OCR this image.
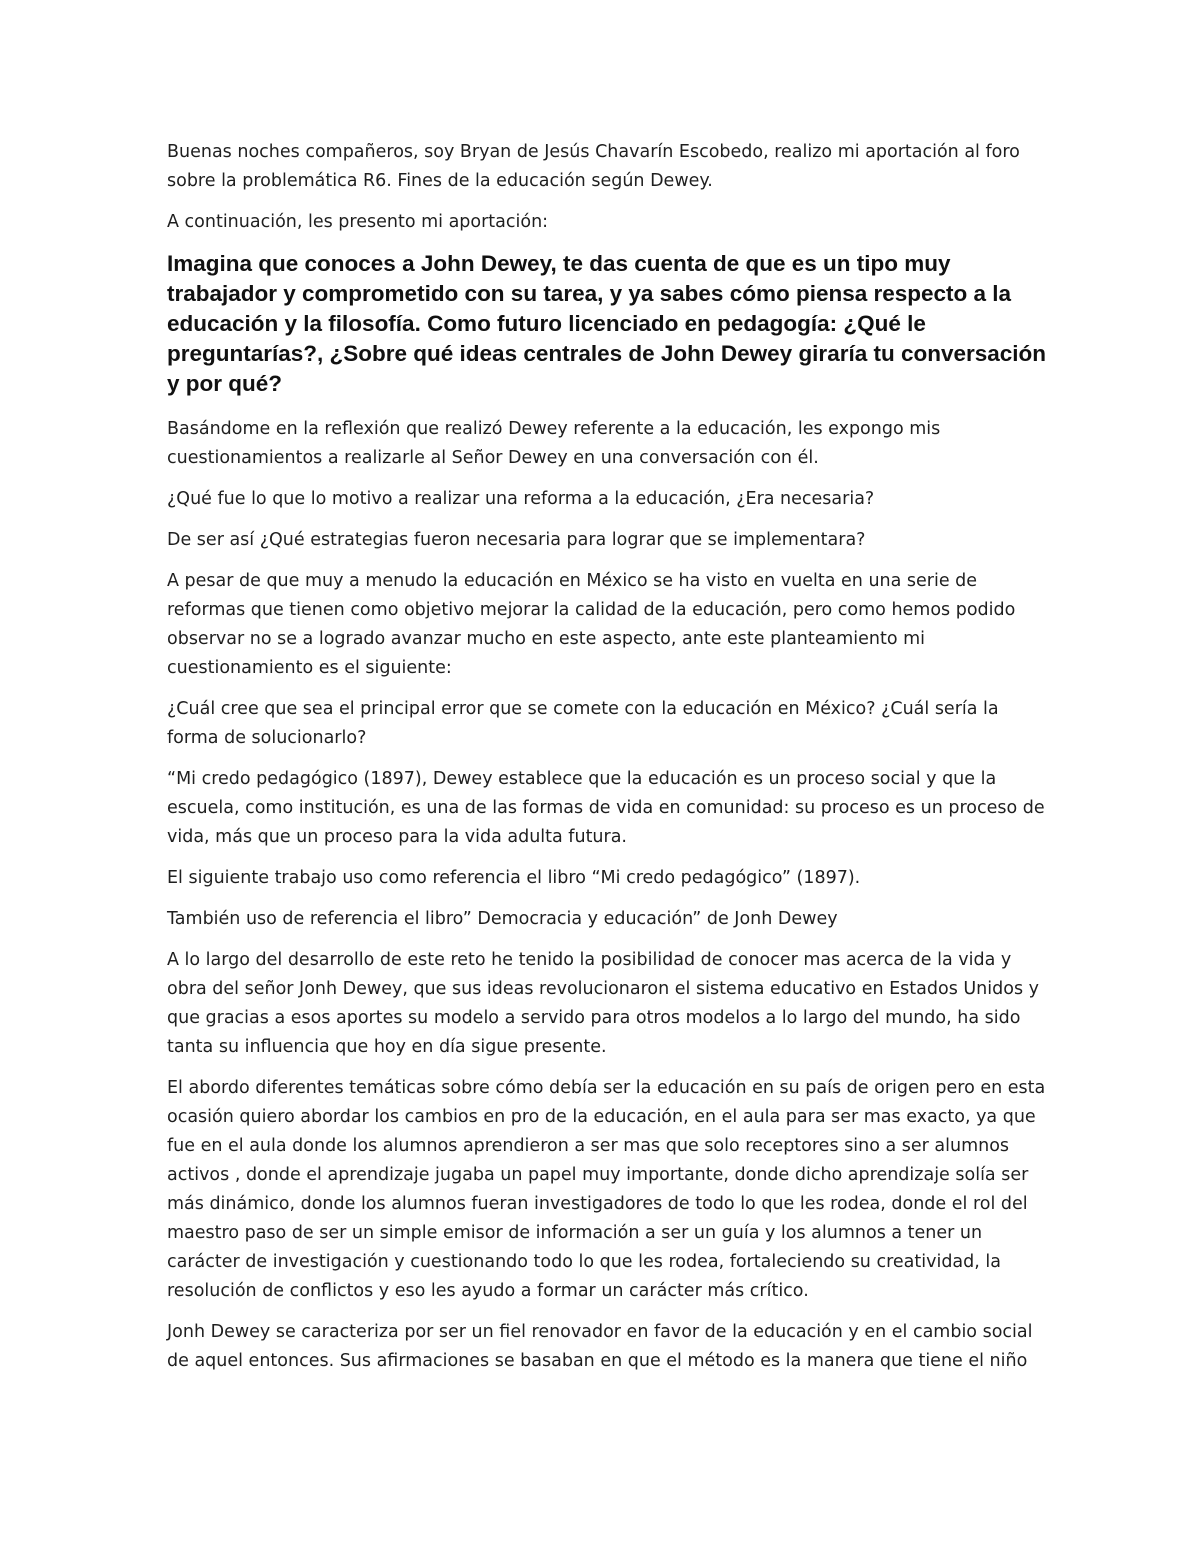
Buenas noches compañeros, soy Bryan de Jesús Chavarín Escobedo, realizo mi aportación al foro sobre la problemática R6. Fines de la educación según Dewey.

A continuación, les presento mi aportación:

Imagina que conoces a John Dewey, te das cuenta de que es un tipo muy trabajador y comprometido con su tarea, y ya sabes cómo piensa respecto a la educación y la filosofía. Como futuro licenciado en pedagogía: ¿Qué le preguntarías?, ¿Sobre qué ideas centrales de John Dewey giraría tu conversación y por qué?

Basándome en la reflexión que realizó Dewey referente a la educación, les expongo mis cuestionamientos a realizarle al Señor Dewey en una conversación con él.

¿Qué fue lo que lo motivo a realizar una reforma a la educación, ¿Era necesaria?

De ser así ¿Qué estrategias fueron necesaria para lograr que se implementara?

A pesar de que muy a menudo la educación en México se ha visto en vuelta en una serie de reformas que tienen como objetivo mejorar la calidad de la educación, pero como hemos podido observar no se a logrado avanzar mucho en este aspecto, ante este planteamiento mi cuestionamiento es el siguiente:

¿Cuál cree que sea el principal error que se comete con la educación en México? ¿Cuál sería la forma de solucionarlo?

“Mi credo pedagógico (1897), Dewey establece que la educación es un proceso social y que la escuela, como institución, es una de las formas de vida en comunidad: su proceso es un proceso de vida, más que un proceso para la vida adulta futura.

El siguiente trabajo uso como referencia el libro “Mi credo pedagógico” (1897).

También uso de referencia el libro” Democracia y educación” de Jonh Dewey

A lo largo del desarrollo de este reto he tenido la posibilidad de conocer mas acerca de la vida y obra del señor Jonh Dewey, que sus ideas revolucionaron el sistema educativo en Estados Unidos y que gracias a esos aportes su modelo a servido para otros modelos a lo largo del mundo, ha sido tanta su influencia que hoy en día sigue presente.

El abordo diferentes temáticas sobre cómo debía ser la educación en su país de origen pero en esta ocasión quiero abordar los cambios en pro de la educación, en el aula para ser mas exacto, ya que fue en el aula donde los alumnos aprendieron a ser mas que solo receptores sino a ser alumnos activos , donde el aprendizaje jugaba un papel muy importante, donde dicho aprendizaje solía ser más dinámico, donde los alumnos fueran investigadores de todo lo que les rodea, donde el rol del maestro paso de ser un simple emisor de información a ser un guía y los alumnos a tener un carácter de investigación y cuestionando todo lo que les rodea, fortaleciendo su creatividad, la resolución de conflictos y eso les ayudo a formar un carácter más crítico.

Jonh Dewey se caracteriza por ser un fiel renovador en favor de la educación y en el cambio social de aquel entonces. Sus afirmaciones se basaban en que el método es la manera que tiene el niño
